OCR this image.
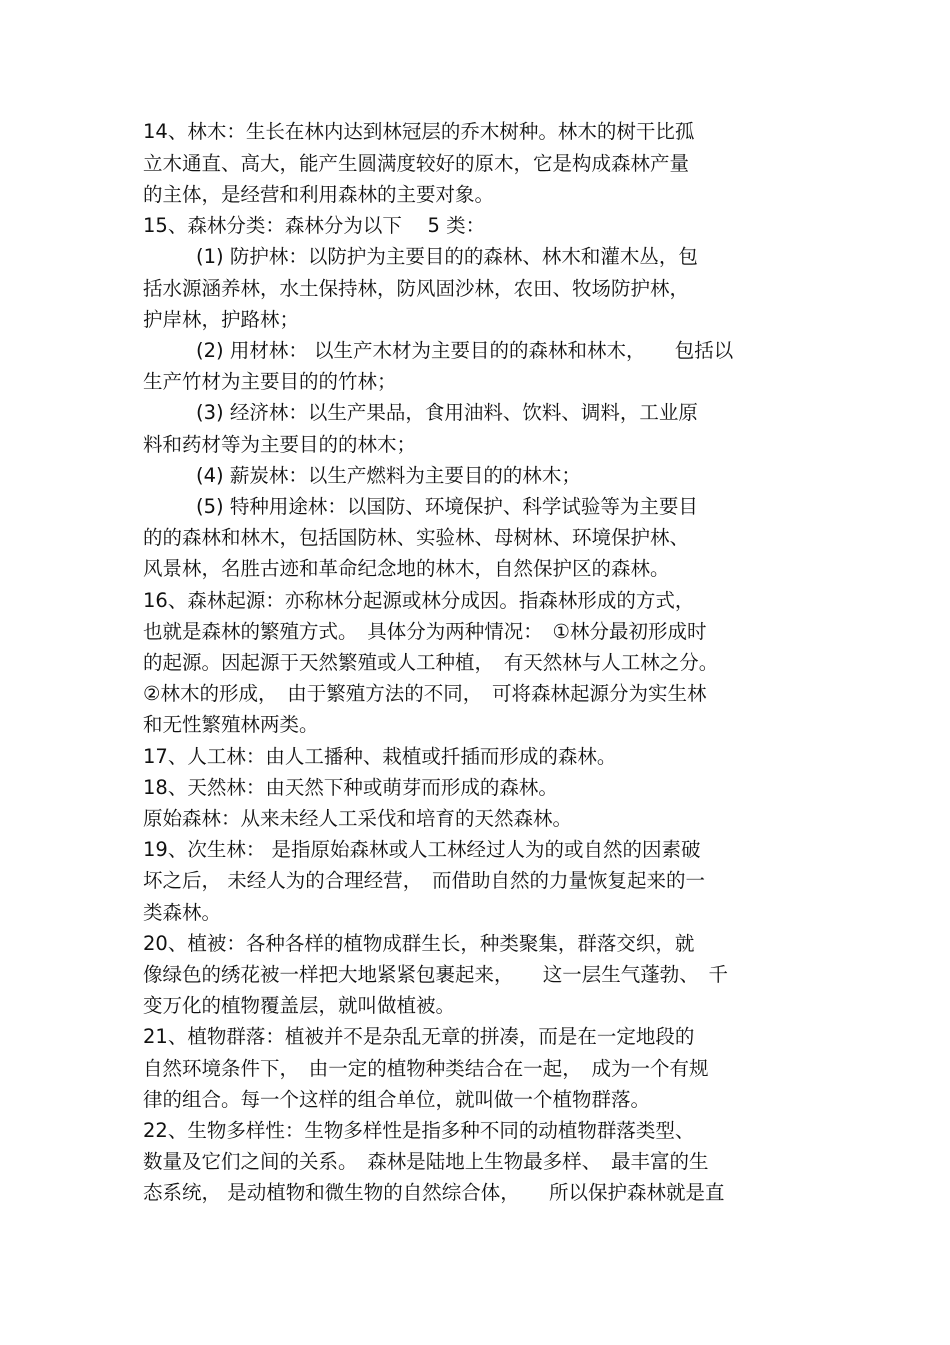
14、林木：生长在林内达到林冠层的乔木树种。林木的树干比孤
立木通直、高大，能产生圆满度较好的原木，它是构成森林产量
的主体，是经营和利用森林的主要对象。
15、森林分类：森林分为以下　 5 类：
(1) 防护林：以防护为主要目的的森林、林木和灌木丛，包
括水源涵养林，水土保持林，防风固沙林，农田、牧场防护林，
护岸林，护路林；
(2) 用材林： 以生产木材为主要目的的森林和林木，　　包括以
生产竹材为主要目的的竹林；
(3) 经济林：以生产果品，食用油料、饮料、调料，工业原
料和药材等为主要目的的林木；
(4) 薪炭林：以生产燃料为主要目的的林木；
(5) 特种用途林：以国防、环境保护、科学试验等为主要目
的的森林和林木，包括国防林、实验林、母树林、环境保护林、
风景林，名胜古迹和革命纪念地的林木，自然保护区的森林。
16、森林起源：亦称林分起源或林分成因。指森林形成的方式，
也就是森林的繁殖方式。　具体分为两种情况：　①林分最初形成时
的起源。因起源于天然繁殖或人工种植，　有天然林与人工林之分。
②林木的形成，　由于繁殖方法的不同，　可将森林起源分为实生林
和无性繁殖林两类。
17、人工林：由人工播种、栽植或扦插而形成的森林。
18、天然林：由天然下种或萌芽而形成的森林。
原始森林：从来未经人工采伐和培育的天然森林。
19、次生林： 是指原始森林或人工林经过人为的或自然的因素破
坏之后， 未经人为的合理经营，　而借助自然的力量恢复起来的一
类森林。
20、植被：各种各样的植物成群生长，种类聚集，群落交织，就
像绿色的绣花被一样把大地紧紧包裹起来，　　这一层生气蓬勃、　千
变万化的植物覆盖层，就叫做植被。
21、植物群落：植被并不是杂乱无章的拼凑，而是在一定地段的
自然环境条件下，　由一定的植物种类结合在一起，　成为一个有规
律的组合。每一个这样的组合单位，就叫做一个植物群落。
22、生物多样性：生物多样性是指多种不同的动植物群落类型、
数量及它们之间的关系。　森林是陆地上生物最多样、　最丰富的生
态系统， 是动植物和微生物的自然综合体，　　所以保护森林就是直
